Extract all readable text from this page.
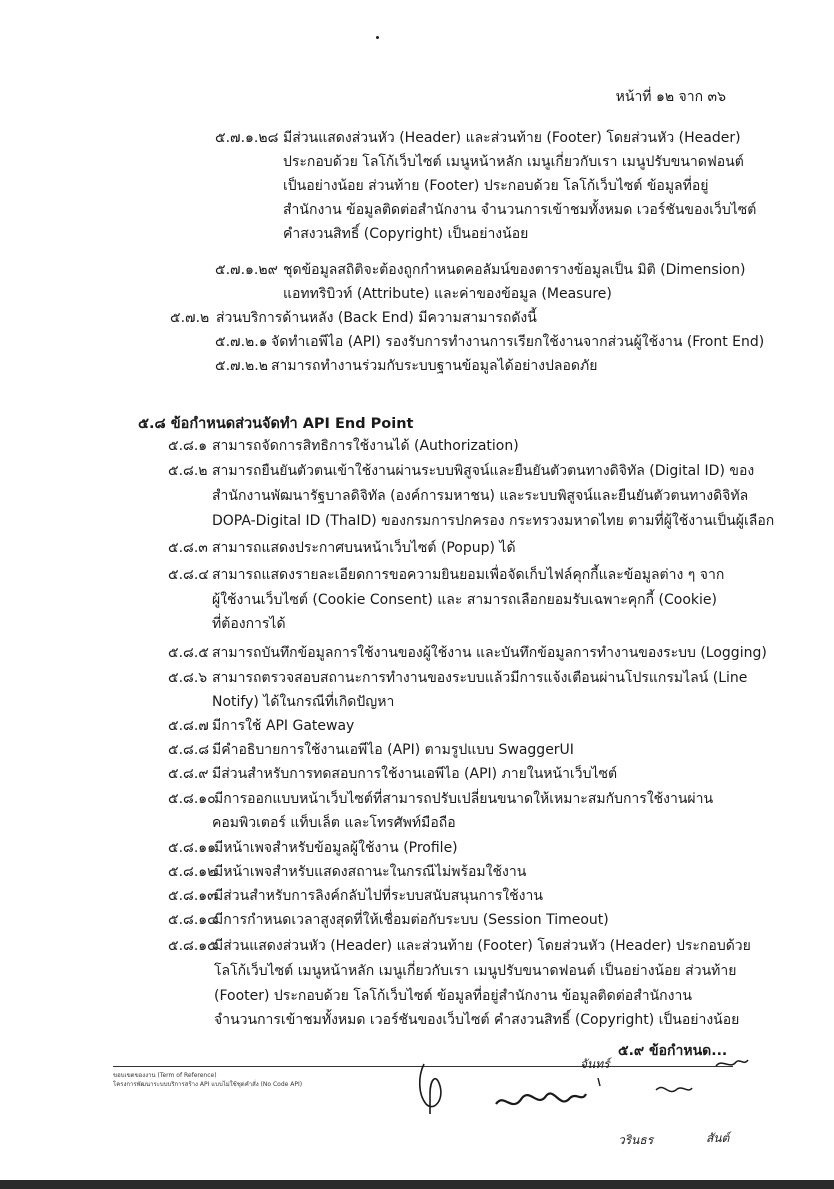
หน้าที่ ๑๒ จาก ๓๖
๕.๗.๑.๒๘ มีส่วนแสดงส่วนหัว (Header) และส่วนท้าย (Footer) โดยส่วนหัว (Header)
ประกอบด้วย โลโก้เว็บไซต์ เมนูหน้าหลัก เมนูเกี่ยวกับเรา เมนูปรับขนาดฟอนต์
เป็นอย่างน้อย ส่วนท้าย (Footer) ประกอบด้วย โลโก้เว็บไซต์ ข้อมูลที่อยู่
สำนักงาน ข้อมูลติดต่อสำนักงาน จำนวนการเข้าชมทั้งหมด เวอร์ชันของเว็บไซต์
คำสงวนสิทธิ์ (Copyright) เป็นอย่างน้อย
๕.๗.๑.๒๙ ชุดข้อมูลสถิติจะต้องถูกกำหนดคอลัมน์ของตารางข้อมูลเป็น มิติ (Dimension)
แอททริบิวท์ (Attribute) และค่าของข้อมูล (Measure)
๕.๗.๒ ส่วนบริการด้านหลัง (Back End) มีความสามารถดังนี้
๕.๗.๒.๑ จัดทำเอพีไอ (API) รองรับการทำงานการเรียกใช้งานจากส่วนผู้ใช้งาน (Front End)
๕.๗.๒.๒ สามารถทำงานร่วมกับระบบฐานข้อมูลได้อย่างปลอดภัย
๕.๘ ข้อกำหนดส่วนจัดทำ API End Point
๕.๘.๑ สามารถจัดการสิทธิการใช้งานได้ (Authorization)
๕.๘.๒ สามารถยืนยันตัวตนเข้าใช้งานผ่านระบบพิสูจน์และยืนยันตัวตนทางดิจิทัล (Digital ID) ของ
สำนักงานพัฒนารัฐบาลดิจิทัล (องค์การมหาชน) และระบบพิสูจน์และยืนยันตัวตนทางดิจิทัล
DOPA-Digital ID (ThaID) ของกรมการปกครอง กระทรวงมหาดไทย ตามที่ผู้ใช้งานเป็นผู้เลือก
๕.๘.๓ สามารถแสดงประกาศบนหน้าเว็บไซต์ (Popup) ได้
๕.๘.๔ สามารถแสดงรายละเอียดการขอความยินยอมเพื่อจัดเก็บไฟล์คุกกี้และข้อมูลต่าง ๆ จาก
ผู้ใช้งานเว็บไซต์ (Cookie Consent) และ สามารถเลือกยอมรับเฉพาะคุกกี้ (Cookie)
ที่ต้องการได้
๕.๘.๕ สามารถบันทึกข้อมูลการใช้งานของผู้ใช้งาน และบันทึกข้อมูลการทำงานของระบบ (Logging)
๕.๘.๖ สามารถตรวจสอบสถานะการทำงานของระบบแล้วมีการแจ้งเตือนผ่านโปรแกรมไลน์ (Line
Notify) ได้ในกรณีที่เกิดปัญหา
๕.๘.๗ มีการใช้ API Gateway
๕.๘.๘ มีคำอธิบายการใช้งานเอพีไอ (API) ตามรูปแบบ SwaggerUI
๕.๘.๙ มีส่วนสำหรับการทดสอบการใช้งานเอพีไอ (API) ภายในหน้าเว็บไซต์
๕.๘.๑๐
มีการออกแบบหน้าเว็บไซต์ที่สามารถปรับเปลี่ยนขนาดให้เหมาะสมกับการใช้งานผ่าน
คอมพิวเตอร์ แท็บเล็ต และโทรศัพท์มือถือ
๕.๘.๑๑
มีหน้าเพจสำหรับข้อมูลผู้ใช้งาน (Profile)
๕.๘.๑๒
มีหน้าเพจสำหรับแสดงสถานะในกรณีไม่พร้อมใช้งาน
๕.๘.๑๓
มีส่วนสำหรับการลิงค์กลับไปที่ระบบสนับสนุนการใช้งาน
๕.๘.๑๔
มีการกำหนดเวลาสูงสุดที่ให้เชื่อมต่อกับระบบ (Session Timeout)
๕.๘.๑๕
มีส่วนแสดงส่วนหัว (Header) และส่วนท้าย (Footer) โดยส่วนหัว (Header) ประกอบด้วย
โลโก้เว็บไซต์ เมนูหน้าหลัก เมนูเกี่ยวกับเรา เมนูปรับขนาดฟอนต์ เป็นอย่างน้อย ส่วนท้าย
(Footer) ประกอบด้วย โลโก้เว็บไซต์ ข้อมูลที่อยู่สำนักงาน ข้อมูลติดต่อสำนักงาน
จำนวนการเข้าชมทั้งหมด เวอร์ชันของเว็บไซต์ คำสงวนสิทธิ์ (Copyright) เป็นอย่างน้อย
๕.๙ ข้อกำหนด...
ขอบเขตของงาน (Term of Reference)
โครงการพัฒนาระบบบริการสร้าง API แบบไม่ใช้ชุดคำสั่ง (No Code API)
จันทร์
วรินธร	สันต์
